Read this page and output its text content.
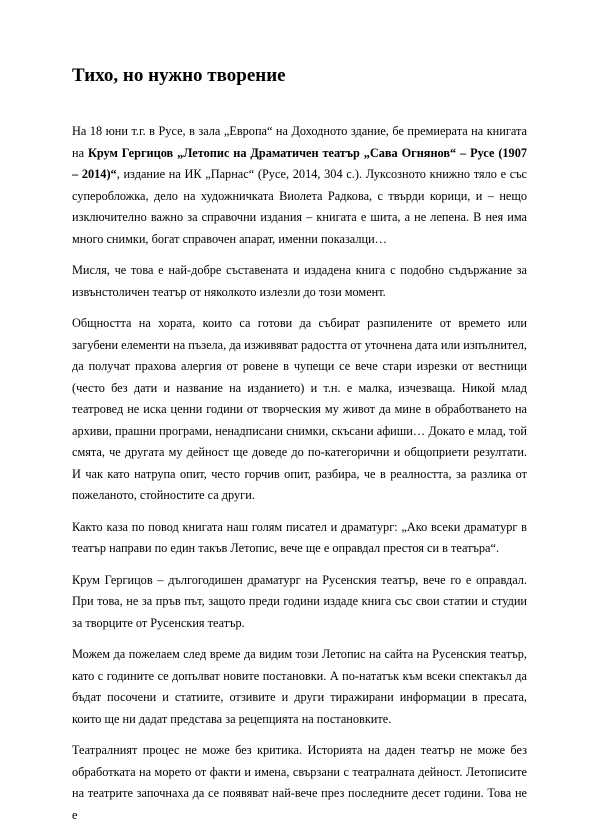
Тихо, но нужно творение

На 18 юни т.г. в Русе, в зала „Европа“ на Доходното здание, бе премиерата на книгата на Крум Гергицов „Летопис на Драматичен театър „Сава Огнянов“ – Русе (1907 – 2014)“, издание на ИК „Парнас“ (Русе, 2014, 304 с.). Луксозното книжно тяло е със суперобложка, дело на художничката Виолета Радкова, с твърди корици, и – нещо изключително важно за справочни издания – книгата е шита, а не лепена. В нея има много снимки, богат справочен апарат, именни показалци…

Мисля, че това е най-добре съставената и издадена книга с подобно съдържание за извънстоличен театър от няколкото излезли до този момент.

Общността на хората, които са готови да събират разпилените от времето или загубени елементи на пъзела, да изживяват радостта от уточнена дата или изпълнител, да получат прахова алергия от ровене в чупещи се вече стари изрезки от вестници (често без дати и название на изданието) и т.н. е малка, изчезваща. Никой млад театровед не иска ценни години от творческия му живот да мине в обработването на архиви, прашни програми, ненадписани снимки, скъсани афиши… Докато е млад, той смята, че другата му дейност ще доведе до по-категорични и общоприети резултати. И чак като натрупа опит, често горчив опит, разбира, че в реалността, за разлика от пожеланото, стойностите са други.

Както каза по повод книгата наш голям писател и драматург: „Ако всеки драматург в театър направи по един такъв Летопис, вече ще е оправдал престоя си в театъра“.

Крум Гергицов – дългогодишен драматург на Русенския театър, вече го е оправдал. При това, не за пръв път, защото преди години издаде книга със свои статии и студии за творците от Русенския театър.

Можем да пожелаем след време да видим този Летопис на сайта на Русенския театър, като с годините се допълват новите постановки. А по-нататък към всеки спектакъл да бъдат посочени и статиите, отзивите и други тиражирани информации в пресата, които ще ни дадат представа за рецепцията на постановките.

Театралният процес не може без критика. Историята на даден театър не може без обработката на морето от факти и имена, свързани с театралната дейност. Летописите на театрите започнаха да се появяват най-вече през последните десет години. Това не е
